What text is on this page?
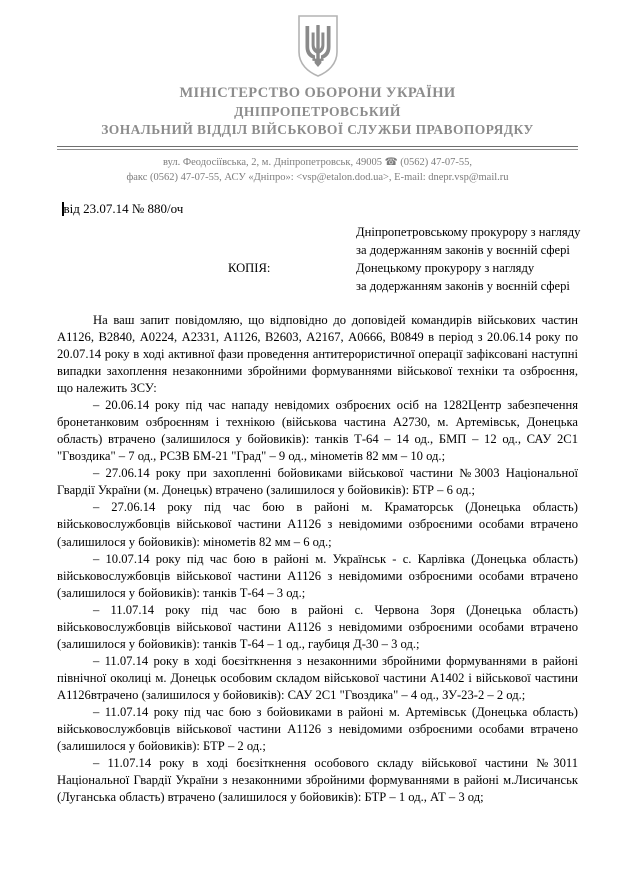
МІНІСТЕРСТВО ОБОРОНИ УКРАЇНИ
ДНІПРОПЕТРОВСЬКИЙ
ЗОНАЛЬНИЙ ВІДДІЛ ВІЙСЬКОВОЇ СЛУЖБИ ПРАВОПОРЯДКУ
вул. Феодосіївська, 2, м. Дніпропетровськ, 49005 ☎ (0562) 47-07-55,
факс (0562) 47-07-55, АСУ «Дніпро»: <vsp@etalon.dod.ua>, E-mail: dnepr.vsp@mail.ru
від 23.07.14 № 880/оч
КОПІЯ:
Дніпропетровському прокурору з нагляду
за додержанням законів у воєнній сфері
Донецькому прокурору з нагляду
за додержанням законів у воєнній сфері

На ваш запит повідомляю, що відповідно до доповідей командирів військових частин А1126, В2840, А0224, А2331, А1126, В2603, А2167, А0666, В0849 в період з 20.06.14 року по 20.07.14 року в ході активної фази проведення антитерористичної операції зафіксовані наступні випадки захоплення незаконними збройними формуваннями військової техніки та озброєння, що належить ЗСУ:

– 20.06.14 року під час нападу невідомих озброєних осіб на 1282Центр забезпечення бронетанковим озброєнням і технікою (військова частина А2730, м. Артемівськ, Донецька область) втрачено (залишилося у бойовиків): танків Т-64 – 14 од., БМП – 12 од., САУ 2С1 "Гвоздика" – 7 од., РСЗВ БМ-21 "Град" – 9 од., мінометів 82 мм – 10 од.;

– 27.06.14 року при захопленні бойовиками військової частини №3003 Національної Гвардії України (м. Донецьк) втрачено (залишилося у бойовиків): БТР – 6 од.;

– 27.06.14 року під час бою в районі м. Краматорськ (Донецька область) військовослужбовців військової частини А1126 з невідомими озброєними особами втрачено (залишилося у бойовиків): мінометів 82 мм – 6 од.;

– 10.07.14 року під час бою в районі м. Українськ - с. Карлівка (Донецька область) військовослужбовців військової частини А1126 з невідомими озброєними особами втрачено (залишилося у бойовиків): танків Т-64 – 3 од.;

– 11.07.14 року під час бою в районі с. Червона Зоря (Донецька область) військовослужбовців військової частини А1126 з невідомими озброєними особами втрачено (залишилося у бойовиків): танків Т-64 – 1 од., гаубиця Д-30 – 3 од.;

– 11.07.14 року в ході боєзіткнення з незаконними збройними формуваннями в районі північної околиці м. Донецьк особовим складом військової частини А1402 і військової частини А1126втрачено (залишилося у бойовиків): САУ 2С1 "Гвоздика" – 4 од., ЗУ-23-2 – 2 од.;

– 11.07.14 року під час бою з бойовиками в районі м. Артемівськ (Донецька область) військовослужбовців військової частини А1126 з невідомими озброєними особами втрачено (залишилося у бойовиків): БТР – 2 од.;

– 11.07.14 року в ході боєзіткнення особового складу військової частини №3011 Національної Гвардії України з незаконними збройними формуваннями в районі м.Лисичанськ (Луганська область) втрачено (залишилося у бойовиків): БТР – 1 од., АТ – 3 од;
